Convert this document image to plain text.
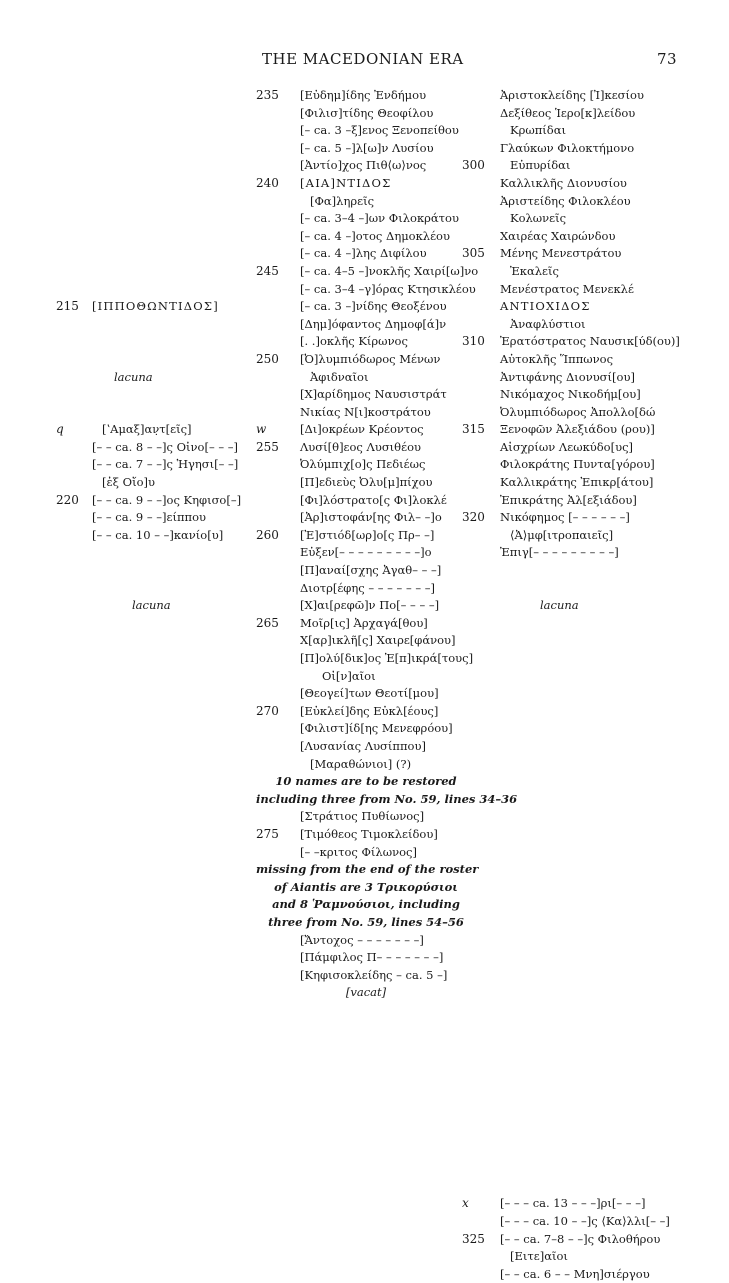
THE MACEDONIAN ERA	73
215 [ΙΠΠΟΘΩΝΤΙΔΟΣ]
lacuna
q	[ʽΑμαξ]αν̣τ[εῖς]
[– – ca. 8 – –]ς Οἰνο[– – –]
[– – ca. 7 – –]ς Ἡγησι[– –]
[ἐξ Οἴο]υ
220 [– – ca. 9 – –]ος Κηφισο[–]
[– – ca. 9 – –]είππου
[– – ca. 10 – –]κανίο[υ]
lacuna
235 [Εὐδημ]ίδης Ἐνδήμου
[Φιλισ]τίδης Θεοφίλου
[– ca. 3 –ξ]ενος Ξενοπείθου
[– ca. 5 –]λ[ω]ν Λυσίου
[Ἀντίο]χος Πιθ⟨ω⟩νος
240 [ΑΙΑ]ΝΤΙΔΟΣ
[Φα]ληρεῖς
[– ca. 3–4 –]ων Φιλοκράτου
[– ca. 4 –]οτος Δημοκλέου
[– ca. 4 –]λης Διφίλου
245 [– ca. 4–5 –]νοκλῆς Χαιρί[ω]νο
[– ca. 3–4 –γ]όρας Κτησικλέου
[– ca. 3 –]νίδης Θεοξένου
[Δημ]όφαντος Δημοφ[ά]ν
[. .]οκλῆς Κίρωνος
250 [Ὀ]λυμπιόδωρος Μένων
Ἀφιδναῖοι
[Χ]αρίδημος Ναυσιστράτ
Νικίας Ν[ι]κοστράτου
w	[Δι]οκρέων Κρέοντος
255 Λυσί[θ]εος Λυσιθέου
Ὀλύμπιχ[ο]ς Πεδιέως
[Π]εδιεὺς Ὀλυ[μ]πίχου
[Φι]λόστρατο[ς Φι]λοκλέ
[Ἀρ]ιστοφάν[ης Φιλ– –]ο
260 [Ἐ]στιόδ[ωρ]ο[ς Πρ– –]
Εὐξεν[– – – – – – – – –]ο
[Π]αναί[σχης Ἀγαθ– – –]
Διοτρ[έφης – – – – – – –]
[Χ]αι[ρεφῶ]ν Πο[– – – –]
265 Μοῖρ[ις] Ἀρχαγά[θου]
Χ[αρ]ικλῆ[ς] Χαιρε[φάνου]
[Π]ολύ[δικ]ος Ἐ[π]ικρά[τους]
Οἰ[ν]αῖοι
[Θεογεί]των Θεοτί[μου]
270 [Εὐκλεί]δης Εὐκλ[έους]
[Φιλιστ]ίδ[ης Μενεφρόου]
[Λυσανίας Λυσίππου]
[Μαραθώνιοι] (?)
10 names are to be restored
including three from No. 59, lines 34–36
[Στράτιος Πυθίωνος]
275 [Τιμόθεος Τιμοκλείδου]
[– –κριτος Φίλωνος]
missing from the end of the roster
of Aiantis are 3 Τρικορύσιοι
and 8 Ῥαμνούσιοι, including
three from No. 59, lines 54–56
[Ἄντοχος – – – – – – –]
[Πάμφιλος Π– – – – – – –]
[Κηφισοκλείδης – ca. 5 –]
[vacat]
Ἀριστοκλείδης [Ἰ]κεσίου
Δεξίθεος Ἱερο[κ]λείδου
Κρωπίδαι
Γλαύκων Φιλοκτήμονο
300	Εὐπυρίδαι
Καλλικλῆς Διονυσίου
Ἀριστείδης Φιλοκλέου
Κολωνεῖς
Χαιρέας Χαιρώνδου
305 Μένης Μενεστράτου
Ἐκαλεῖς
Μενέστρατος Μενεκλέ
ΑΝΤΙΟΧΙΔΟΣ
Ἀναφλύστιοι
310 Ἐρατόστρατος Ναυσικ[ύδ(ου)]
Αὐτοκλῆς Ἵππωνος
Ἀντιφάνης Διονυσί[ου]
Νικόμαχος Νικοδήμ[ου]
Ὀλυμπιόδωρος Ἀπολλο[δώ
315 Ξενοφῶν Ἀλεξιάδου (ρου)]
Αἰσχρίων Λεωκύδο[υς]
Φιλοκράτης Πυντα[γόρου]
Καλλικράτης Ἐπικρ[άτου]
Ἐπικράτης Ἀλ[εξιάδου]
320 Νικόφημος [– – – – – –]
⟨Ἀ⟩μφ[ιτροπαιεῖς]
Ἐπιγ[– – – – – – – – –]
lacuna
x	[– – – ca. 13 – – –]ρι[– – –]
[– – – ca. 10 – –]ς ⟨Κα⟩λλι[– –]
325 [– – ca. 7–8 – –]ς Φιλοθήρου
[Ειτε]αῖοι
[– – ca. 6 – – Μνη]σιέργου
